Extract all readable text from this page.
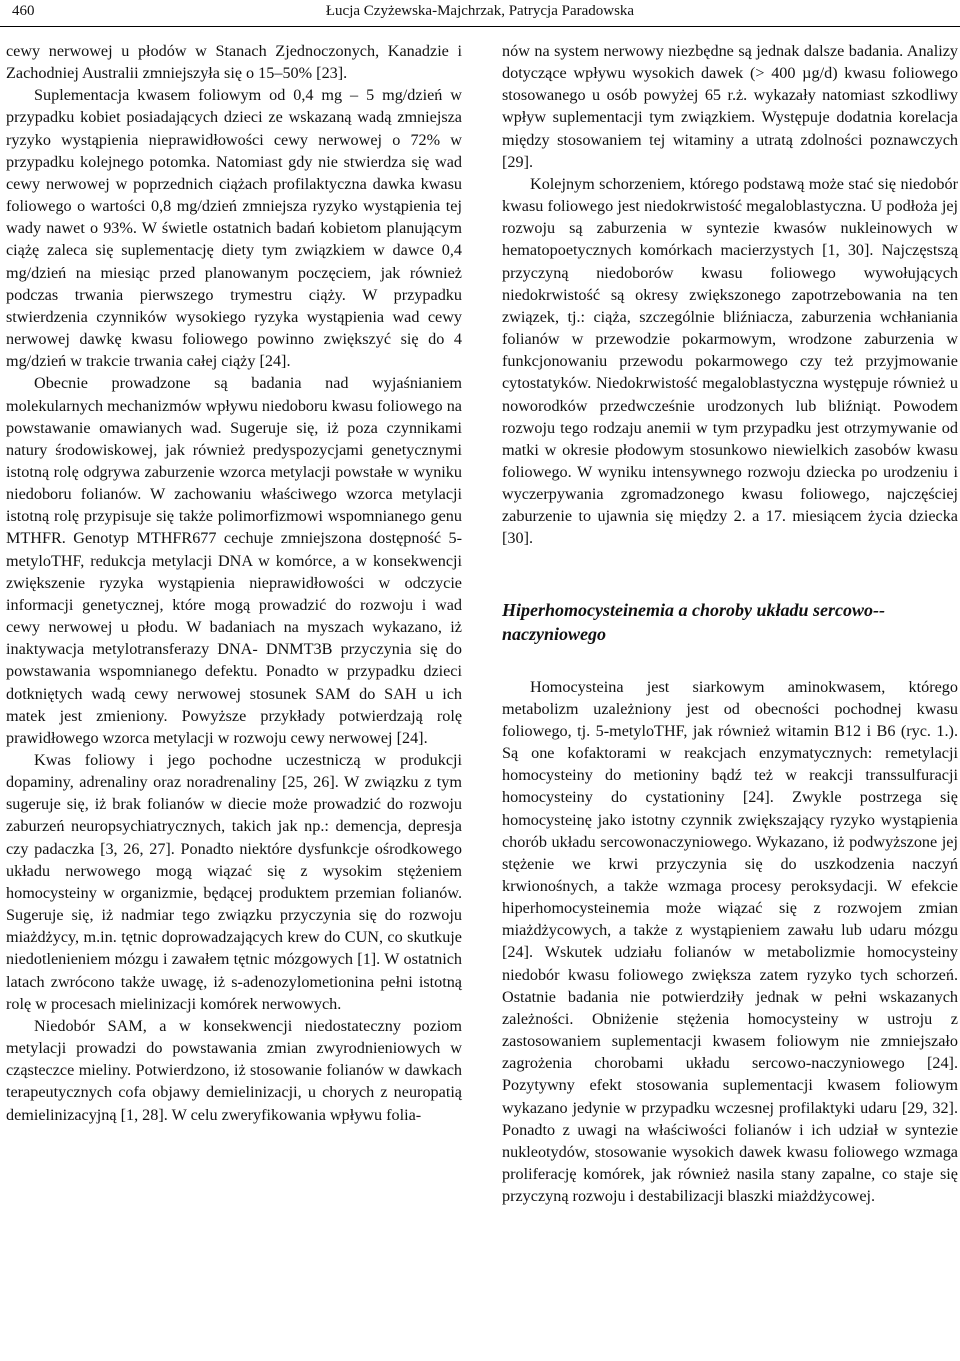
460	Łucja Czyżewska-Majchrzak, Patrycja Paradowska

cewy nerwowej u płodów w Stanach Zjednoczonych, Kanadzie i Zachodniej Australii zmniejszyła się o 15–50% [23].

Suplementacja kwasem foliowym od 0,4 mg – 5 mg/dzień w przypadku kobiet posiadających dzieci ze wskazaną wadą zmniejsza ryzyko wystąpienia nieprawidłowości cewy nerwowej o 72% w przypadku kolejnego potomka. Natomiast gdy nie stwierdza się wad cewy nerwowej w poprzednich ciążach profilaktyczna dawka kwasu foliowego o wartości 0,8 mg/dzień zmniejsza ryzyko wystąpienia tej wady nawet o 93%. W świetle ostatnich badań kobietom planującym ciążę zaleca się suplementację diety tym związkiem w dawce 0,4 mg/dzień na miesiąc przed planowanym poczęciem, jak również podczas trwania pierwszego trymestru ciąży. W przypadku stwierdzenia czynników wysokiego ryzyka wystąpienia wad cewy nerwowej dawkę kwasu foliowego powinno zwiększyć się do 4 mg/dzień w trakcie trwania całej ciąży [24].

Obecnie prowadzone są badania nad wyjaśnianiem molekularnych mechanizmów wpływu niedoboru kwasu foliowego na powstawanie omawianych wad. Sugeruje się, iż poza czynnikami natury środowiskowej, jak również predyspozycjami genetycznymi istotną rolę odgrywa zaburzenie wzorca metylacji powstałe w wyniku niedoboru folianów. W zachowaniu właściwego wzorca metylacji istotną rolę przypisuje się także polimorfizmowi wspomnianego genu MTHFR. Genotyp MTHFR677 cechuje zmniejszona dostępność 5-metyloTHF, redukcja metylacji DNA w komórce, a w konsekwencji zwiększenie ryzyka wystąpienia nieprawidłowości w odczycie informacji genetycznej, które mogą prowadzić do rozwoju i wad cewy nerwowej u płodu. W badaniach na myszach wykazano, iż inaktywacja metylotransferazy DNA- DNMT3B przyczynia się do powstawania wspomnianego defektu. Ponadto w przypadku dzieci dotkniętych wadą cewy nerwowej stosunek SAM do SAH u ich matek jest zmieniony. Powyższe przykłady potwierdzają rolę prawidłowego wzorca metylacji w rozwoju cewy nerwowej [24].

Kwas foliowy i jego pochodne uczestniczą w produkcji dopaminy, adrenaliny oraz noradrenaliny [25, 26]. W związku z tym sugeruje się, iż brak folianów w diecie może prowadzić do rozwoju zaburzeń neuropsychiatrycznych, takich jak np.: demencja, depresja czy padaczka [3, 26, 27]. Ponadto niektóre dysfunkcje ośrodkowego układu nerwowego mogą wiązać się z wysokim stężeniem homocysteiny w organizmie, będącej produktem przemian folianów. Sugeruje się, iż nadmiar tego związku przyczynia się do rozwoju miażdżycy, m.in. tętnic doprowadzających krew do CUN, co skutkuje niedotlenieniem mózgu i zawałem tętnic mózgowych [1]. W ostatnich latach zwrócono także uwagę, iż s-adenozylometionina pełni istotną rolę w procesach mielinizacji komórek nerwowych.

Niedobór SAM, a w konsekwencji niedostateczny poziom metylacji prowadzi do powstawania zmian zwyrodnieniowych w cząsteczce mieliny. Potwierdzono, iż stosowanie folianów w dawkach terapeutycznych cofa objawy demielinizacji, u chorych z neuropatią demielinizacyjną [1, 28]. W celu zweryfikowania wpływu folia-

nów na system nerwowy niezbędne są jednak dalsze badania. Analizy dotyczące wpływu wysokich dawek (> 400 µg/d) kwasu foliowego stosowanego u osób powyżej 65 r.ż. wykazały natomiast szkodliwy wpływ suplementacji tym związkiem. Występuje dodatnia korelacja między stosowaniem tej witaminy a utratą zdolności poznawczych [29].

Kolejnym schorzeniem, którego podstawą może stać się niedobór kwasu foliowego jest niedokrwistość megaloblastyczna. U podłoża jej rozwoju są zaburzenia w syntezie kwasów nukleinowych w hematopoetycznych komórkach macierzystych [1, 30]. Najczęstszą przyczyną niedoborów kwasu foliowego wywołujących niedokrwistość są okresy zwiększonego zapotrzebowania na ten związek, tj.: ciąża, szczególnie bliźniacza, zaburzenia wchłaniania folianów w przewodzie pokarmowym, wrodzone zaburzenia w funkcjonowaniu przewodu pokarmowego czy też przyjmowanie cytostatyków. Niedokrwistość megaloblastyczna występuje również u noworodków przedwcześnie urodzonych lub bliźniąt. Powodem rozwoju tego rodzaju anemii w tym przypadku jest otrzymywanie od matki w okresie płodowym stosunkowo niewielkich zasobów kwasu foliowego. W wyniku intensywnego rozwoju dziecka po urodzeniu i wyczerpywania zgromadzonego kwasu foliowego, najczęściej zaburzenie to ujawnia się między 2. a 17. miesiącem życia dziecka [30].

Hiperhomocysteinemia a choroby układu sercowo--naczyniowego

Homocysteina jest siarkowym aminokwasem, którego metabolizm uzależniony jest od obecności pochodnej kwasu foliowego, tj. 5-metyloTHF, jak również witamin B12 i B6 (ryc. 1.). Są one kofaktorami w reakcjach enzymatycznych: remetylacji homocysteiny do metioniny bądź też w reakcji transsulfuracji homocysteiny do cystationiny [24]. Zwykle postrzega się homocysteinę jako istotny czynnik zwiększający ryzyko wystąpienia chorób układu sercowonaczyniowego. Wykazano, iż podwyższone jej stężenie we krwi przyczynia się do uszkodzenia naczyń krwionośnych, a także wzmaga procesy peroksydacji. W efekcie hiperhomocysteinemia może wiązać się z rozwojem zmian miażdżycowych, a także z wystąpieniem zawału lub udaru mózgu [24]. Wskutek udziału folianów w metabolizmie homocysteiny niedobór kwasu foliowego zwiększa zatem ryzyko tych schorzeń. Ostatnie badania nie potwierdziły jednak w pełni wskazanych zależności. Obniżenie stężenia homocysteiny w ustroju z zastosowaniem suplementacji kwasem foliowym nie zmniejszało zagrożenia chorobami układu sercowo-naczyniowego [24]. Pozytywny efekt stosowania suplementacji kwasem foliowym wykazano jedynie w przypadku wczesnej profilaktyki udaru [29, 32]. Ponadto z uwagi na właściwości folianów i ich udział w syntezie nukleotydów, stosowanie wysokich dawek kwasu foliowego wzmaga proliferację komórek, jak również nasila stany zapalne, co staje się przyczyną rozwoju i destabilizacji blaszki miażdżycowej.
